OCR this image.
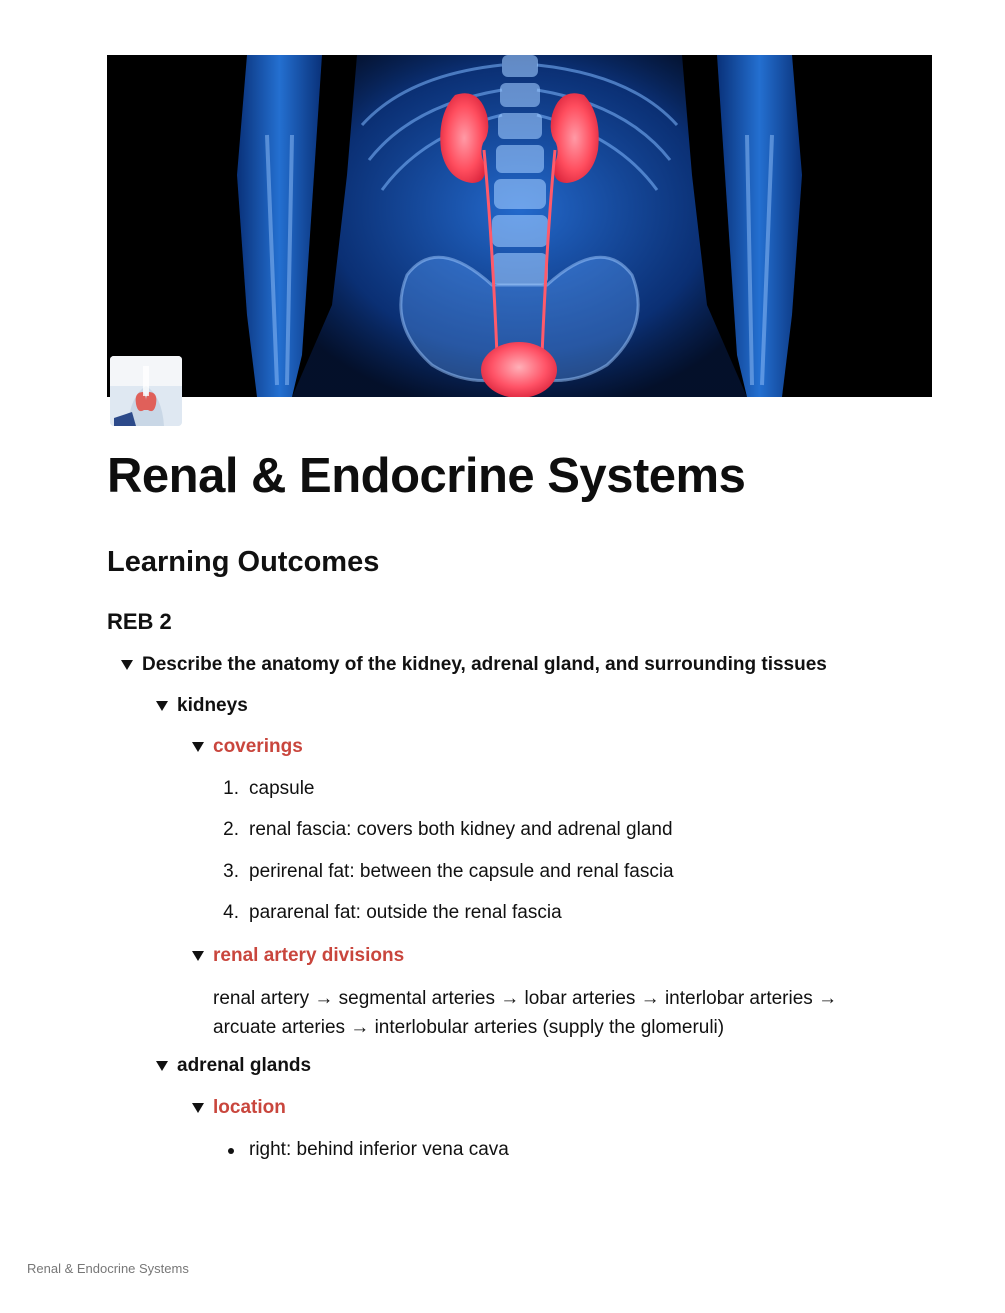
Renal & Endocrine Systems
Learning Outcomes
REB 2
Describe the anatomy of the kidney, adrenal gland, and surrounding tissues
kidneys
coverings
1. capsule
2. renal fascia: covers both kidney and adrenal gland
3. perirenal fat: between the capsule and renal fascia
4. pararenal fat: outside the renal fascia
renal artery divisions
renal artery → segmental arteries → lobar arteries → interlobar arteries →
arcuate arteries → interlobular arteries (supply the glomeruli)
adrenal glands
location
right: behind inferior vena cava
Renal & Endocrine Systems
